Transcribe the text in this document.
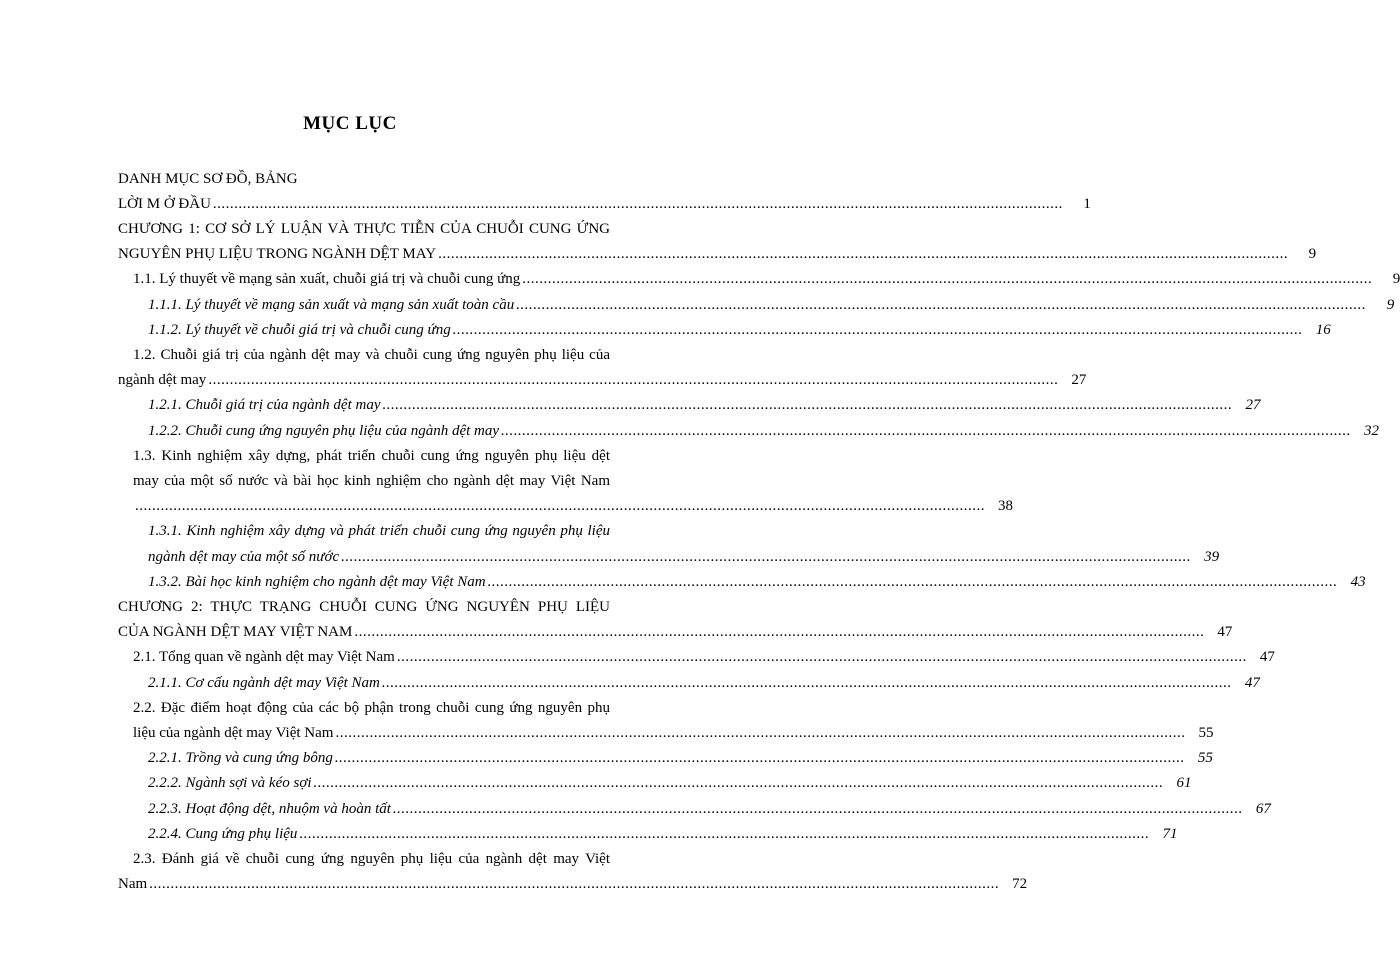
MỤC LỤC
DANH MỤC SƠ ĐỒ, BẢNG
LỜI M Ở ĐẦU ........................................................................................................................................................................................................	1
CHƯƠNG 1: CƠ SỞ LÝ LUẬN VÀ THỰC TIỄN CỦA CHUỖI CUNG ỨNG
NGUYÊN PHỤ LIỆU TRONG NGÀNH DỆT MAY ........................................................................................................................................................................................................	9
1.1. Lý thuyết về mạng sản xuất, chuỗi giá trị và chuỗi cung ứng ........................................................................................................................................................................................................	9
1.1.1. Lý thuyết về mạng sản xuất và mạng sản xuất toàn cầu ........................................................................................................................................................................................................	9
1.1.2. Lý thuyết về chuỗi giá trị và chuỗi cung ứng ........................................................................................................................................................................................................ 16
1.2. Chuỗi giá trị của ngành dệt may và chuỗi cung ứng nguyên phụ liệu của
ngành dệt may ........................................................................................................................................................................................................ 27
1.2.1. Chuỗi giá trị của ngành dệt may ........................................................................................................................................................................................................ 27
1.2.2. Chuỗi cung ứng nguyên phụ liệu của ngành dệt may ........................................................................................................................................................................................................ 32
1.3. Kinh nghiệm xây dựng, phát triển chuỗi cung ứng nguyên phụ liệu dệt
may của một số nước và bài học kinh nghiệm cho ngành dệt may Việt Nam
........................................................................................................................................................................................................ 38
1.3.1. Kinh nghiệm xây dựng và phát triển chuỗi cung ứng nguyên phụ liệu
ngành dệt may của một số nước ........................................................................................................................................................................................................ 39
1.3.2. Bài học kinh nghiệm cho ngành dệt may Việt Nam ........................................................................................................................................................................................................ 43
CHƯƠNG 2: THỰC TRẠNG CHUỖI CUNG ỨNG NGUYÊN PHỤ LIỆU
CỦA NGÀNH DỆT MAY VIỆT NAM ........................................................................................................................................................................................................ 47
2.1. Tổng quan về ngành dệt may Việt Nam ........................................................................................................................................................................................................ 47
2.1.1. Cơ cấu ngành dệt may Việt Nam ........................................................................................................................................................................................................ 47
2.2. Đặc điểm hoạt động của các bộ phận trong chuỗi cung ứng nguyên phụ
liệu của ngành dệt may Việt Nam ........................................................................................................................................................................................................ 55
2.2.1. Trồng và cung ứng bông ........................................................................................................................................................................................................ 55
2.2.2. Ngành sợi và kéo sợi ........................................................................................................................................................................................................ 61
2.2.3. Hoạt động dệt, nhuộm và hoàn tất ........................................................................................................................................................................................................ 67
2.2.4. Cung ứng phụ liệu ........................................................................................................................................................................................................ 71
2.3. Đánh giá về chuỗi cung ứng nguyên phụ liệu của ngành dệt may Việt
Nam ........................................................................................................................................................................................................ 72
